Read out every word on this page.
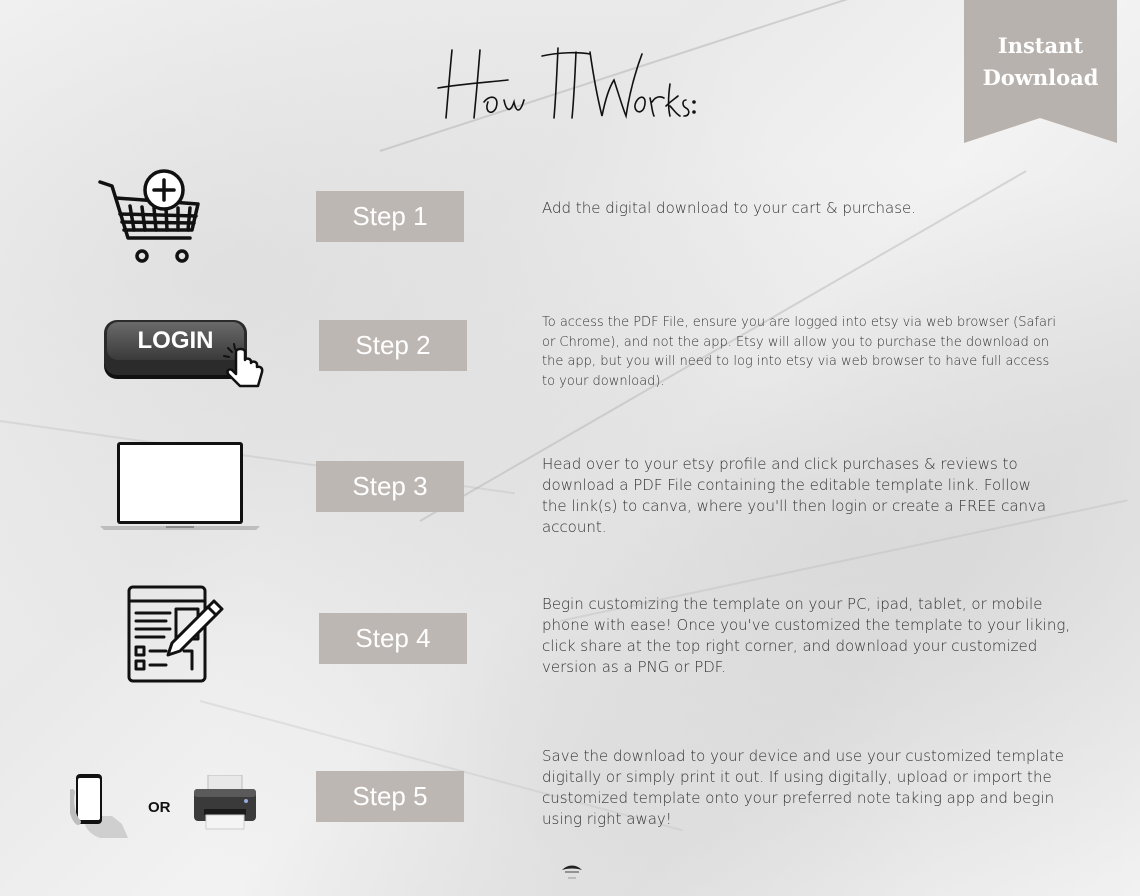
Instant
Download
LOGIN
OR
Step 1
Step 2
Step 3
Step 4
Step 5
Add the digital download to your cart & purchase.
To access the PDF File, ensure you are logged into etsy via web browser (Safari or Chrome), and not the app. Etsy will allow you to purchase the download on the app, but you will need to log into etsy via web browser to have full access to your download).
Head over to your etsy profile and click purchases & reviews to download a PDF File containing the editable template link. Follow the link(s) to canva, where you'll then login or create a FREE canva account.
Begin customizing the template on your PC, ipad, tablet, or mobile phone with ease! Once you've customized the template to your liking, click share at the top right corner, and download your customized version as a PNG or PDF.
Save the download to your device and use your customized template digitally or simply print it out. If using digitally, upload or import the customized template onto your preferred note taking app and begin using right away!
